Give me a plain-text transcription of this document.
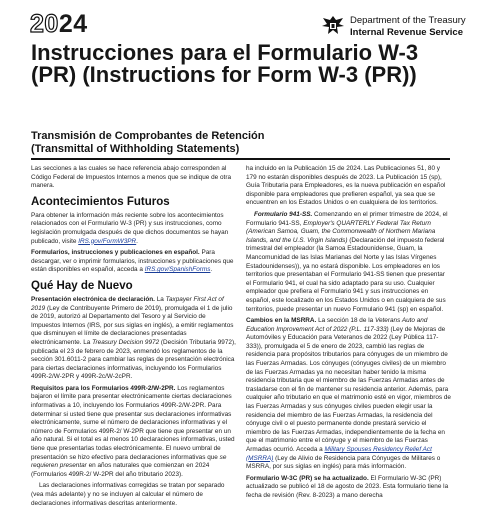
2024	Department of the Treasury
Internal Revenue Service
Instrucciones para el Formulario W-3 (PR) (Instructions for Form W-3 (PR))
Transmisión de Comprobantes de Retención
(Transmittal of Withholding Statements)

Las secciones a las cuales se hace referencia abajo corresponden al Código Federal de Impuestos Internos a menos que se indique de otra manera.

Acontecimientos Futuros

Para obtener la información más reciente sobre los acontecimientos relacionados con el Formulario W-3 (PR) y sus instrucciones, como legislación promulgada después de que dichos documentos se hayan publicado, visite IRS.gov/FormW3PR.

Formularios, instrucciones y publicaciones en español. Para descargar, ver o imprimir formularios, instrucciones y publicaciones que están disponibles en español, acceda a IRS.gov/SpanishForms.

Qué Hay de Nuevo

Presentación electrónica de declaración. La Taxpayer First Act of 2019 (Ley de Contribuyente Primero de 2019), promulgada el 1 de julio de 2019, autorizó al Departamento del Tesoro y al Servicio de Impuestos Internos (IRS, por sus siglas en inglés), a emitir reglamentos que disminuyen el límite de declaraciones presentadas electrónicamente. La Treasury Decision 9972 (Decisión Tributaria 9972), publicada el 23 de febrero de 2023, enmendó los reglamentos de la sección 301.6011-2 para cambiar las reglas de presentación electrónica para ciertas declaraciones informativas, incluyendo los Formularios 499R-2/W-2PR y 499R-2c/W-2cPR.

Requisitos para los Formularios 499R-2/W-2PR. Los reglamentos bajaron el límite para presentar electrónicamente ciertas declaraciones informativas a 10, incluyendo los Formularios 499R-2/W-2PR. Para determinar si usted tiene que presentar sus declaraciones informativas electrónicamente, sume el número de declaraciones informativas y el número de Formularios 499R-2/ W-2PR que tiene que presentar en un año natural. Si el total es al menos 10 declaraciones informativas, usted tiene que presentarlas todas electrónicamente. El nuevo umbral de presentación se hizo efectivo para declaraciones informativas que se requieren presentar en años naturales que comienzan en 2024 (Formularios 499R-2/ W-2PR del año tributario 2023).

Las declaraciones informativas corregidas se tratan por separado (vea más adelante) y no se incluyen al calcular el número de declaraciones informativas descritas anteriormente.

ha incluido en la Publicación 15 de 2024. Las Publicaciones 51, 80 y 179 no estarán disponibles después de 2023. La Publicación 15 (sp), Guía Tributaria para Empleadores, es la nueva publicación en español disponible para empleadores que prefieren español, ya sea que se encuentren en los Estados Unidos o en cualquiera de los territorios.

Formulario 941-SS. Comenzando en el primer trimestre de 2024, el Formulario 941-SS, Employer's QUARTERLY Federal Tax Return (American Samoa, Guam, the Commonwealth of Northern Mariana Islands, and the U.S. Virgin Islands) (Declaración del impuesto federal trimestral del empleador (la Samoa Estadounidense, Guam, la Mancomunidad de las Islas Marianas del Norte y las Islas Vírgenes Estadounidenses)), ya no estará disponible. Los empleadores en los territorios que presentaban el Formulario 941-SS tienen que presentar el Formulario 941, el cual ha sido adaptado para su uso. Cualquier empleador que prefiera el Formulario 941 y sus instrucciones en español, este localizado en los Estados Unidos o en cualquiera de sus territorios, puede presentar un nuevo Formulario 941 (sp) en español.

Cambios en la MSRRA. La sección 18 de la Veterans Auto and Education Improvement Act of 2022 (P.L. 117-333) (Ley de Mejoras de Automóviles y Educación para Veteranos de 2022 (Ley Pública 117-333)), promulgada el 5 de enero de 2023, cambió las reglas de residencia para propósitos tributarios para cónyuges de un miembro de las Fuerzas Armadas. Los cónyuges (cónyuges civiles) de un miembro de las Fuerzas Armadas ya no necesitan haber tenido la misma residencia tributaria que el miembro de las Fuerzas Armadas antes de trasladarse con el fin de mantener su residencia anterior. Además, para cualquier año tributario en que el matrimonio esté en vigor, miembros de las Fuerzas Armadas y sus cónyuges civiles pueden elegir usar la residencia del miembro de las Fuerzas Armadas, la residencia del cónyuge civil o el puesto permanente donde prestará servicio el miembro de las Fuerzas Armadas, independientemente de la fecha en que el matrimonio entre el cónyuge y el miembro de las Fuerzas Armadas ocurrió. Acceda a Military Spouses Residency Relief Act (MSRRA) (Ley de Alivio de Residencia para Cónyuges de Militares o MSRRA, por sus siglas en inglés) para más información.

Formulario W-3C (PR) se ha actualizado. El Formulario W-3C (PR) actualizado se publicó el 18 de agosto de 2023. Esta formulario tiene la fecha de revisión (Rev. 8-2023) a mano derecha
